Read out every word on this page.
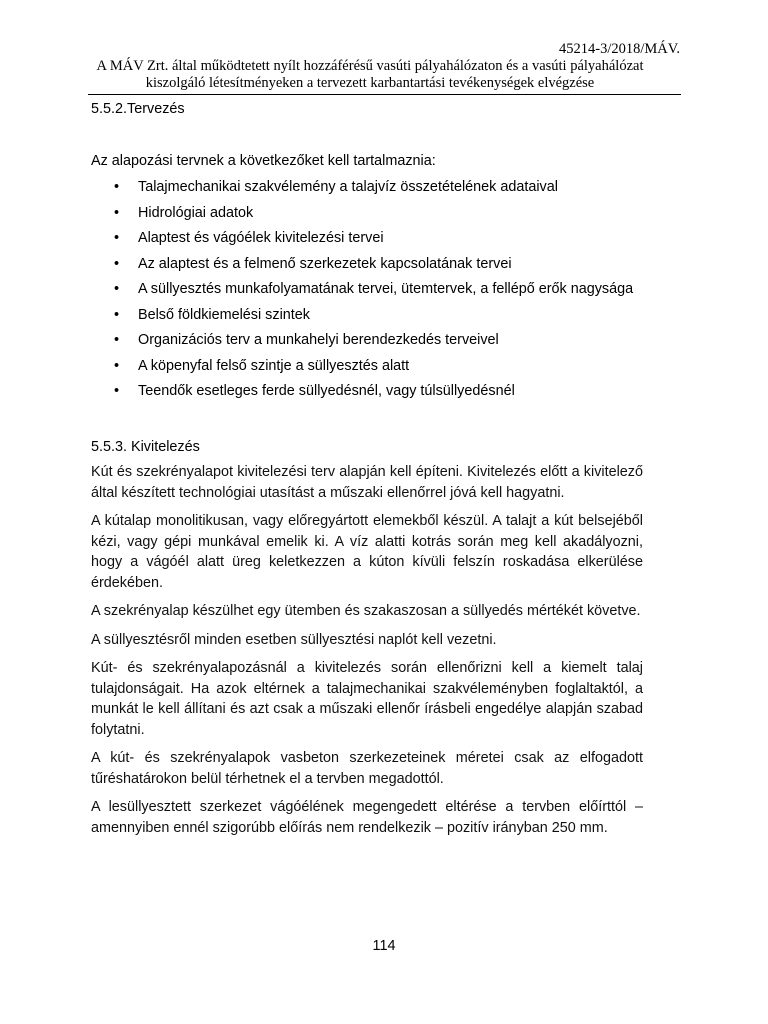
45214-3/2018/MÁV.
A MÁV Zrt. által működtetett nyílt hozzáférésű vasúti pályahálózaton és a vasúti pályahálózat
kiszolgáló létesítményeken a tervezett karbantartási tevékenységek elvégzése
5.5.2.Tervezés
Az alapozási tervnek a következőket kell tartalmaznia:
• Talajmechanikai szakvélemény a talajvíz összetételének adataival
• Hidrológiai adatok
• Alaptest és vágóélek kivitelezési tervei
• Az alaptest és a felmenő szerkezetek kapcsolatának tervei
• A süllyesztés munkafolyamatának tervei, ütemtervek, a fellépő erők nagysága
• Belső földkiemelési szintek
• Organizációs terv a munkahelyi berendezkedés terveivel
• A köpenyfal felső szintje a süllyesztés alatt
• Teendők esetleges ferde süllyedésnél, vagy túlsüllyedésnél
5.5.3. Kivitelezés

Kút és szekrényalapot kivitelezési terv alapján kell építeni. Kivitelezés előtt a kivitelező által készített technológiai utasítást a műszaki ellenőrrel jóvá kell hagyatni.

A kútalap monolitikusan, vagy előregyártott elemekből készül. A talajt a kút belsejéből kézi, vagy gépi munkával emelik ki. A víz alatti kotrás során meg kell akadályozni, hogy a vágóél alatt üreg keletkezzen a kúton kívüli felszín roskadása elkerülése érdekében.

A szekrényalap készülhet egy ütemben és szakaszosan a süllyedés mértékét követve.

A süllyesztésről minden esetben süllyesztési naplót kell vezetni.

Kút- és szekrényalapozásnál a kivitelezés során ellenőrizni kell a kiemelt talaj tulajdonságait. Ha azok eltérnek a talajmechanikai szakvéleményben foglaltaktól, a munkát le kell állítani és azt csak a műszaki ellenőr írásbeli engedélye alapján szabad folytatni.

A kút- és szekrényalapok vasbeton szerkezeteinek méretei csak az elfogadott tűréshatárokon belül térhetnek el a tervben megadottól.

A lesüllyesztett szerkezet vágóélének megengedett eltérése a tervben előírttól – amennyiben ennél szigorúbb előírás nem rendelkezik – pozitív irányban 250 mm.

114
